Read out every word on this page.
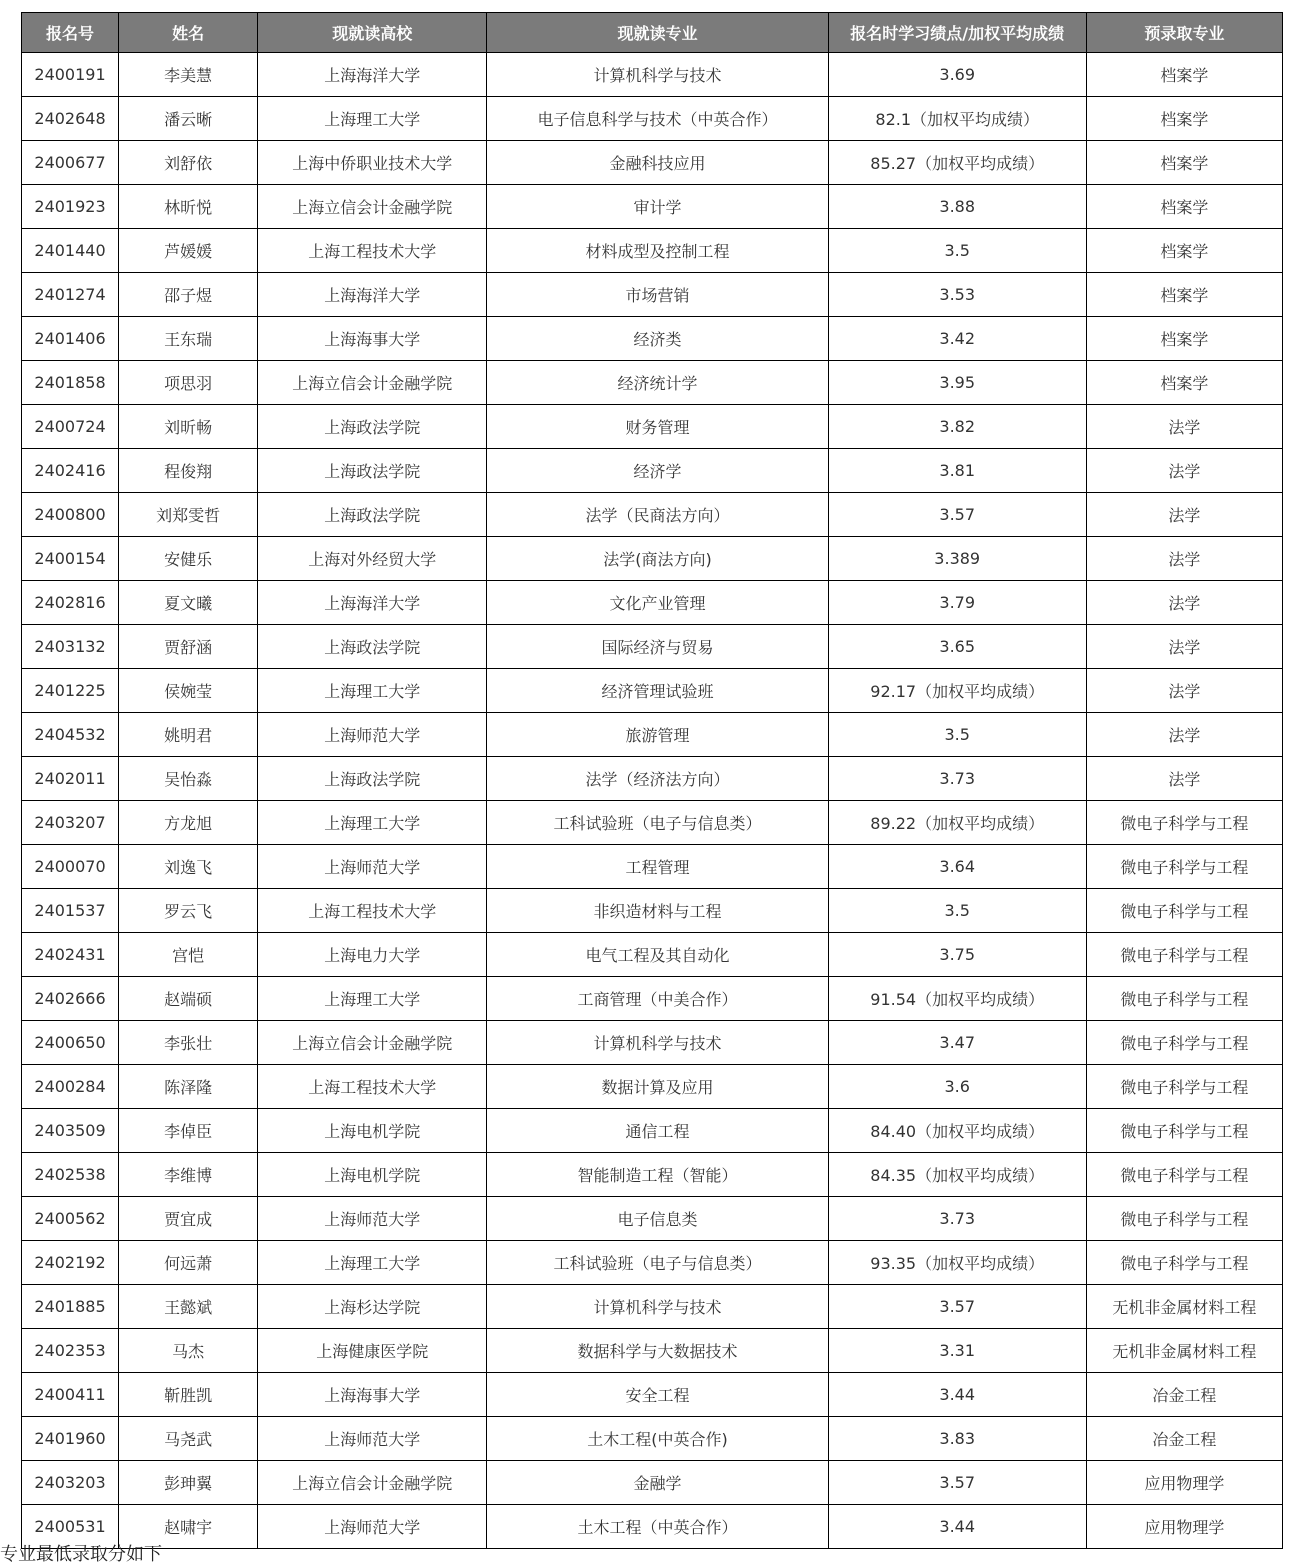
报名号	姓名	现就读高校	现就读专业	报名时学习绩点/加权平均成绩	预录取专业
2400191	李美慧	上海海洋大学	计算机科学与技术	3.69	档案学
2402648	潘云晰	上海理工大学	电子信息科学与技术（中英合作）	82.1（加权平均成绩）	档案学
2400677	刘舒依	上海中侨职业技术大学	金融科技应用	85.27（加权平均成绩）	档案学
2401923	林昕悦	上海立信会计金融学院	审计学	3.88	档案学
2401440	芦媛媛	上海工程技术大学	材料成型及控制工程	3.5	档案学
2401274	邵子煜	上海海洋大学	市场营销	3.53	档案学
2401406	王东瑞	上海海事大学	经济类	3.42	档案学
2401858	项思羽	上海立信会计金融学院	经济统计学	3.95	档案学
2400724	刘昕畅	上海政法学院	财务管理	3.82	法学
2402416	程俊翔	上海政法学院	经济学	3.81	法学
2400800	刘郑雯哲	上海政法学院	法学（民商法方向）	3.57	法学
2400154	安健乐	上海对外经贸大学	法学(商法方向)	3.389	法学
2402816	夏文曦	上海海洋大学	文化产业管理	3.79	法学
2403132	贾舒涵	上海政法学院	国际经济与贸易	3.65	法学
2401225	侯婉莹	上海理工大学	经济管理试验班	92.17（加权平均成绩）	法学
2404532	姚明君	上海师范大学	旅游管理	3.5	法学
2402011	吴怡淼	上海政法学院	法学（经济法方向）	3.73	法学
2403207	方龙旭	上海理工大学	工科试验班（电子与信息类）	89.22（加权平均成绩）	微电子科学与工程
2400070	刘逸飞	上海师范大学	工程管理	3.64	微电子科学与工程
2401537	罗云飞	上海工程技术大学	非织造材料与工程	3.5	微电子科学与工程
2402431	宫恺	上海电力大学	电气工程及其自动化	3.75	微电子科学与工程
2402666	赵端硕	上海理工大学	工商管理（中美合作）	91.54（加权平均成绩）	微电子科学与工程
2400650	李张壮	上海立信会计金融学院	计算机科学与技术	3.47	微电子科学与工程
2400284	陈泽隆	上海工程技术大学	数据计算及应用	3.6	微电子科学与工程
2403509	李倬臣	上海电机学院	通信工程	84.40（加权平均成绩）	微电子科学与工程
2402538	李维博	上海电机学院	智能制造工程（智能）	84.35（加权平均成绩）	微电子科学与工程
2400562	贾宜成	上海师范大学	电子信息类	3.73	微电子科学与工程
2402192	何远萧	上海理工大学	工科试验班（电子与信息类）	93.35（加权平均成绩）	微电子科学与工程
2401885	王懿斌	上海杉达学院	计算机科学与技术	3.57	无机非金属材料工程
2402353	马杰	上海健康医学院	数据科学与大数据技术	3.31	无机非金属材料工程
2400411	靳胜凯	上海海事大学	安全工程	3.44	冶金工程
2401960	马尧武	上海师范大学	土木工程(中英合作)	3.83	冶金工程
2403203	彭珅翼	上海立信会计金融学院	金融学	3.57	应用物理学
2400531	赵啸宇	上海师范大学	土木工程（中英合作）	3.44	应用物理学
专业最低录取分如下
